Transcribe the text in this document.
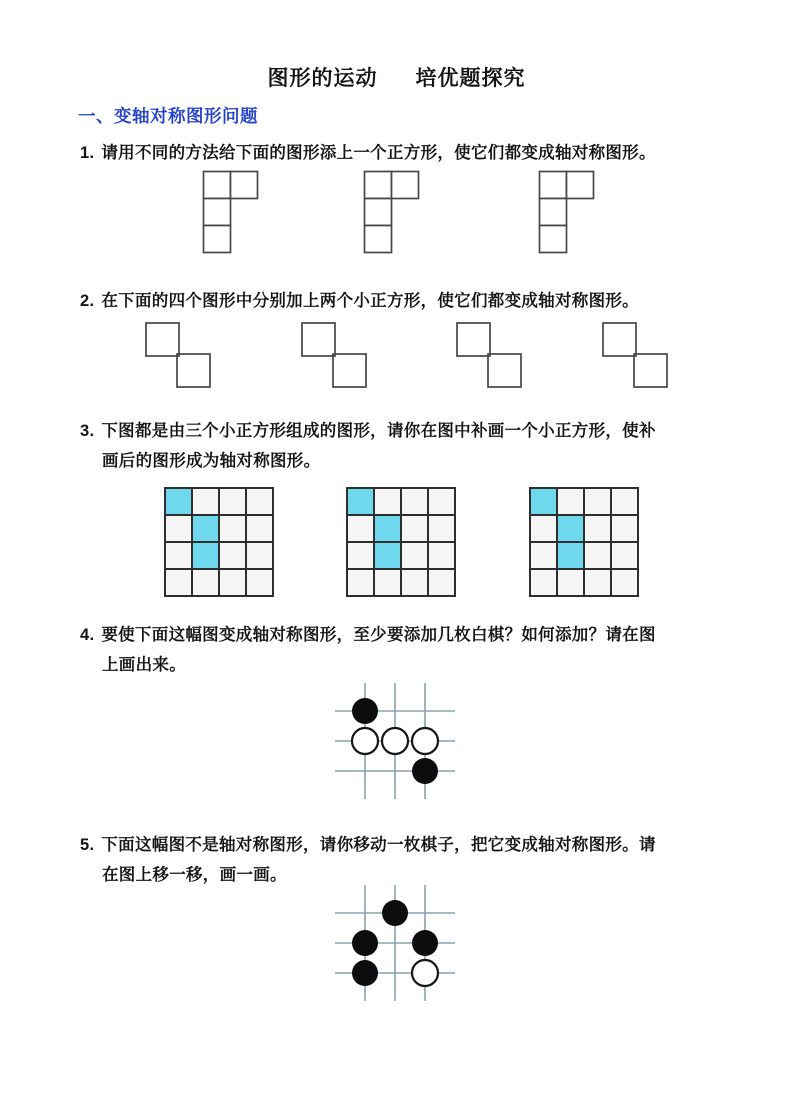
图形的运动 培优题探究
一、变轴对称图形问题

1. 请用不同的方法给下面的图形添上一个正方形，使它们都变成轴对称图形。

2. 在下面的四个图形中分别加上两个小正方形，使它们都变成轴对称图形。

3. 下图都是由三个小正方形组成的图形，请你在图中补画一个小正方形，使补
画后的图形成为轴对称图形。

4. 要使下面这幅图变成轴对称图形，至少要添加几枚白棋？如何添加？请在图
上画出来。

5. 下面这幅图不是轴对称图形，请你移动一枚棋子，把它变成轴对称图形。请
在图上移一移，画一画。
